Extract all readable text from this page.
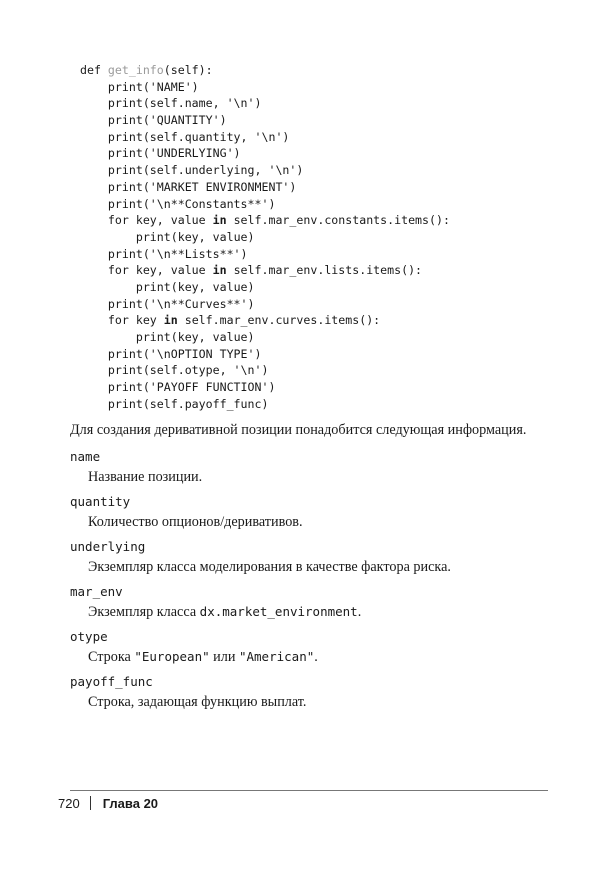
def get_info(self):
print('NAME')
print(self.name, '\n')
print('QUANTITY')
print(self.quantity, '\n')
print('UNDERLYING')
print(self.underlying, '\n')
print('MARKET ENVIRONMENT')
print('\n**Constants**')
for key, value in self.mar_env.constants.items():
print(key, value)
print('\n**Lists**')
for key, value in self.mar_env.lists.items():
print(key, value)
print('\n**Curves**')
for key in self.mar_env.curves.items():
print(key, value)
print('\nOPTION TYPE')
print(self.otype, '\n')
print('PAYOFF FUNCTION')
print(self.payoff_func)

Для создания деривативной позиции понадобится следующая информация.

name
Название позиции.
quantity
Количество опционов/деривативов.
underlying
Экземпляр класса моделирования в качестве фактора риска.
mar_env
Экземпляр класса dx.market_environment.
otype
Строка "European" или "American".
payoff_func
Строка, задающая функцию выплат.
720 Глава 20
